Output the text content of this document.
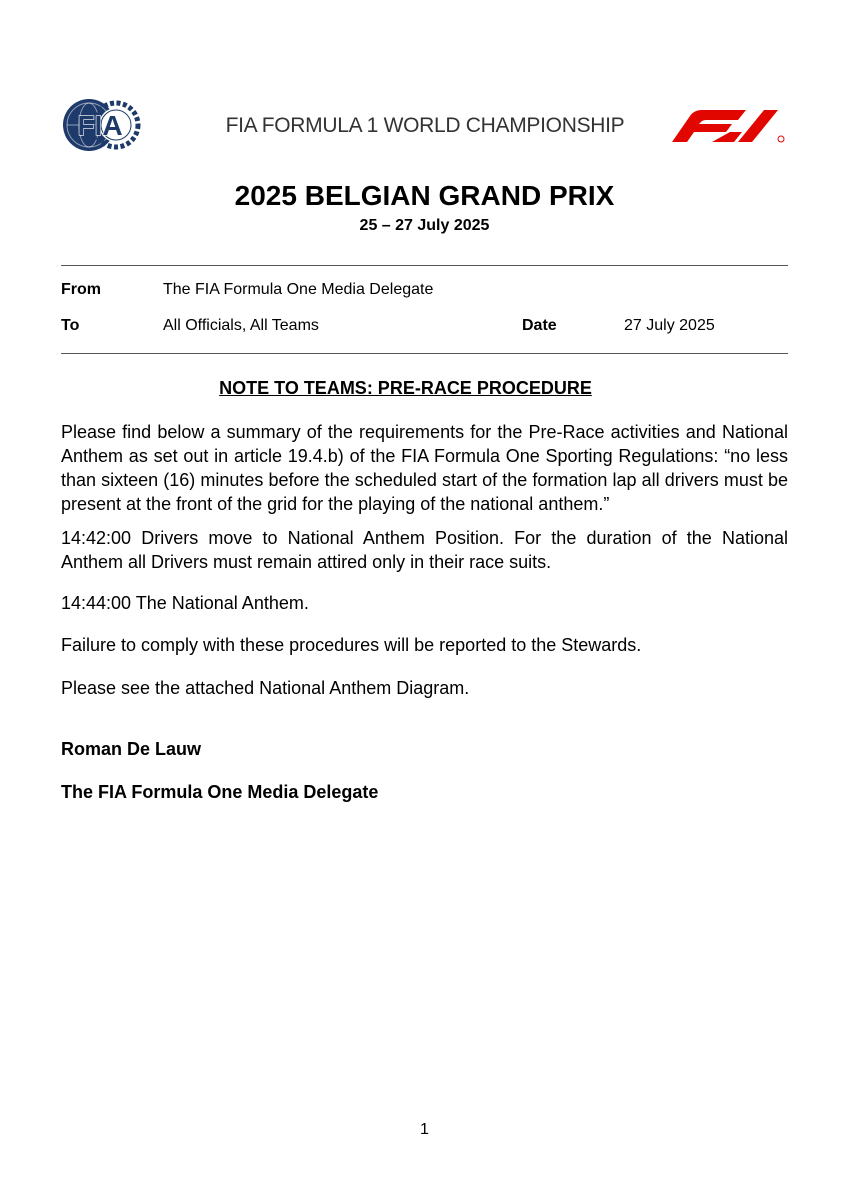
FIA	FIA FORMULA 1 WORLD CHAMPIONSHIP
2025 BELGIAN GRAND PRIX
25 – 27 July 2025
From	The FIA Formula One Media Delegate
To	All Officials, All Teams	Date	27 July 2025
NOTE TO TEAMS: PRE-RACE PROCEDURE
Please find below a summary of the requirements for the Pre-Race activities and National Anthem as set out in article 19.4.b) of the FIA Formula One Sporting Regulations: “no less than sixteen (16) minutes before the scheduled start of the formation lap all drivers must be present at the front of the grid for the playing of the national anthem.”
14:42:00 Drivers move to National Anthem Position. For the duration of the National Anthem all Drivers must remain attired only in their race suits.
14:44:00 The National Anthem.
Failure to comply with these procedures will be reported to the Stewards.
Please see the attached National Anthem Diagram.
Roman De Lauw
The FIA Formula One Media Delegate
1
